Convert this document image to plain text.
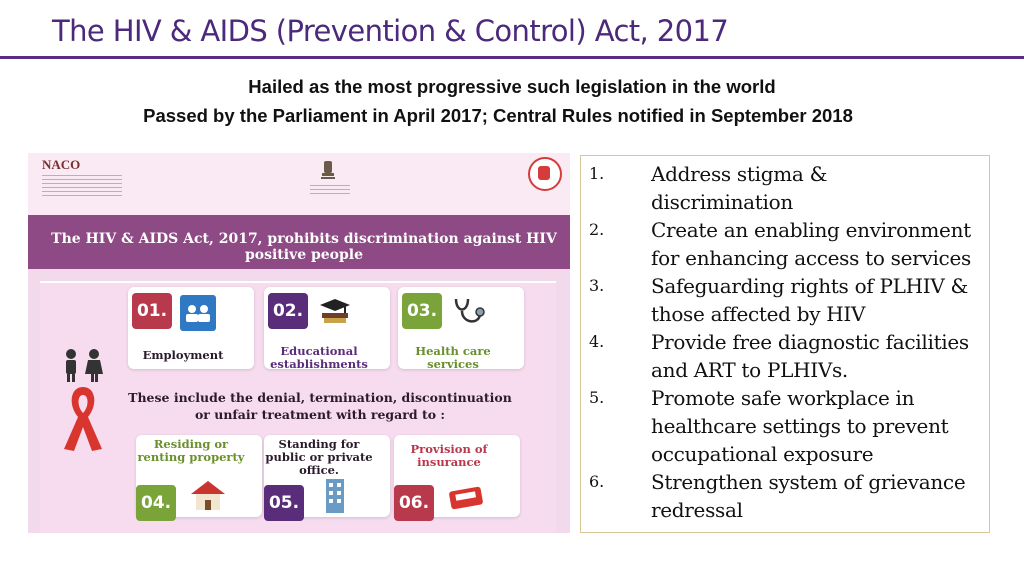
The HIV & AIDS (Prevention & Control) Act, 2017
Hailed as the most progressive such legislation in the world
Passed by the Parliament in April 2017; Central Rules notified in September 2018
NACO
The HIV & AIDS Act, 2017, prohibits discrimination against HIV positive people
01.
Employment
02.
Educational establishments
03.
Health care services
These include the denial, termination, discontinuation or unfair treatment with regard to :
Residing or renting property
04.
Standing for public or private office.
05.
Provision of insurance
06.
1. Address stigma &
discrimination
2. Create an enabling environment
for enhancing access to services
3. Safeguarding rights of PLHIV &
those affected by HIV
4. Provide free diagnostic facilities
and ART to PLHIVs.
5. Promote safe workplace in
healthcare settings to prevent
occupational exposure
6. Strengthen system of grievance
redressal
